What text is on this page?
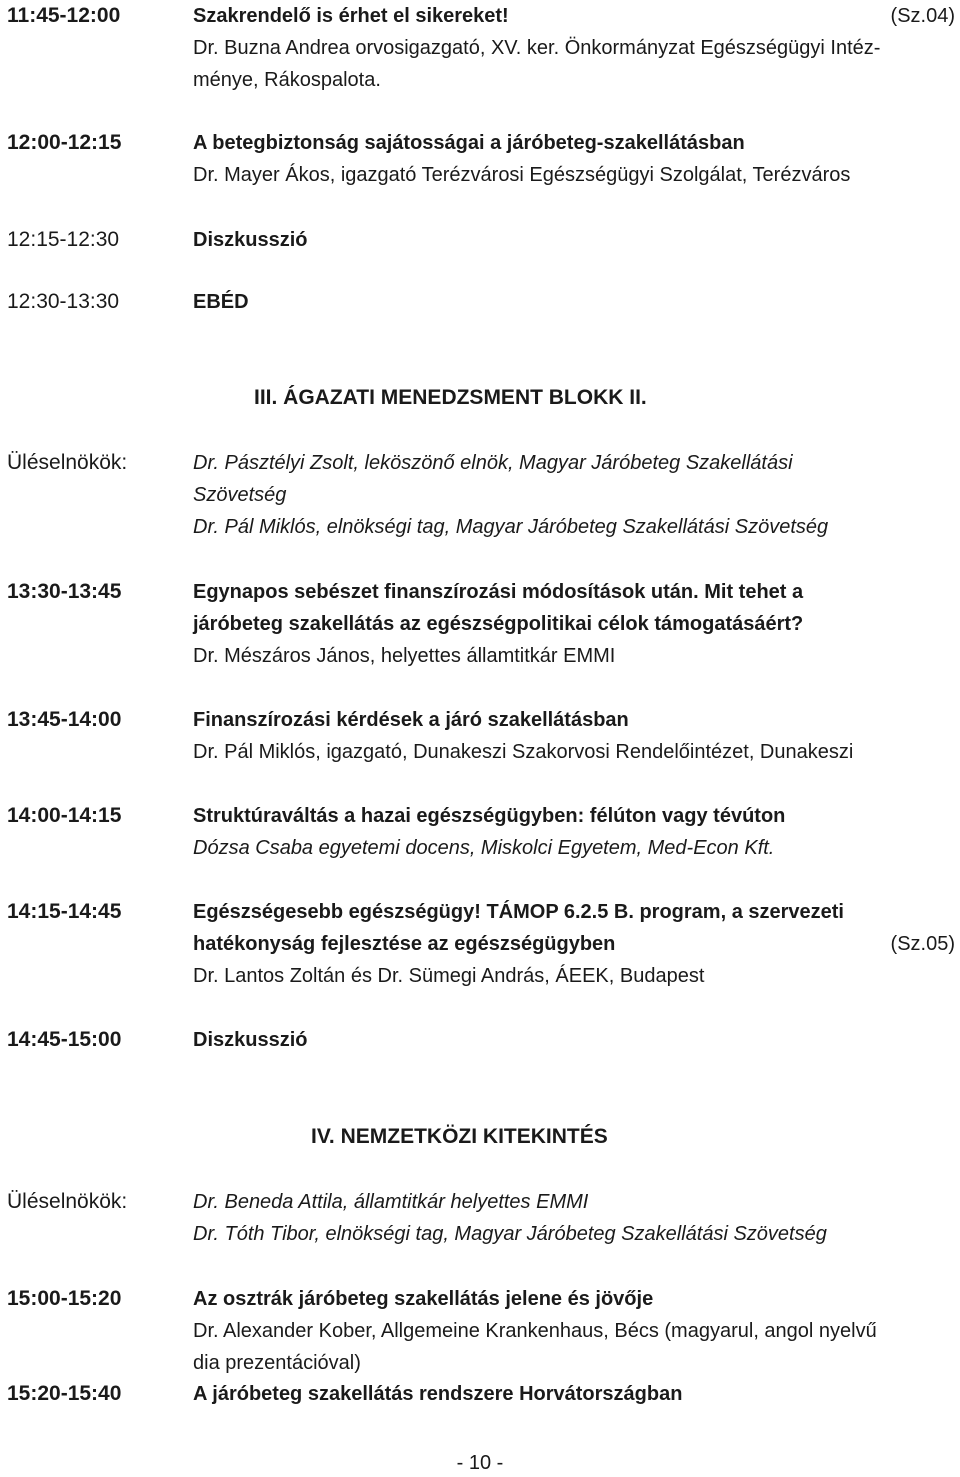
11:45-12:00	Szakrendelő is érhet el sikereket!
Dr. Buzna Andrea orvosigazgató, XV. ker. Önkormányzat Egészségügyi Intéz-
ménye, Rákospalota.
(Sz.04)
12:00-12:15	A betegbiztonság sajátosságai a járóbeteg-szakellátásban
Dr. Mayer Ákos, igazgató Terézvárosi Egészségügyi Szolgálat, Terézváros
12:15-12:30	Diszkusszió
12:30-13:30	EBÉD
III. ÁGAZATI MENEDZSMENT BLOKK II.
Üléselnökök:	Dr. Pásztélyi Zsolt, leköszönő elnök, Magyar Járóbeteg Szakellátási
Szövetség
Dr. Pál Miklós, elnökségi tag, Magyar Járóbeteg Szakellátási Szövetség
13:30-13:45	Egynapos sebészet finanszírozási módosítások után. Mit tehet a
járóbeteg szakellátás az egészségpolitikai célok támogatásáért?
Dr. Mészáros János, helyettes államtitkár EMMI
13:45-14:00	Finanszírozási kérdések a járó szakellátásban
Dr. Pál Miklós, igazgató, Dunakeszi Szakorvosi Rendelőintézet, Dunakeszi
14:00-14:15	Struktúraváltás a hazai egészségügyben: félúton vagy tévúton
Dózsa Csaba egyetemi docens, Miskolci Egyetem, Med-Econ Kft.
14:15-14:45	Egészségesebb egészségügy! TÁMOP 6.2.5 B. program, a szervezeti
hatékonyság fejlesztése az egészségügyben
Dr. Lantos Zoltán és Dr. Sümegi András, ÁEEK, Budapest
(Sz.05)
14:45-15:00	Diszkusszió
IV. NEMZETKÖZI KITEKINTÉS
Üléselnökök:	Dr. Beneda Attila, államtitkár helyettes EMMI
Dr. Tóth Tibor, elnökségi tag, Magyar Járóbeteg Szakellátási Szövetség
15:00-15:20	Az osztrák járóbeteg szakellátás jelene és jövője
Dr. Alexander Kober, Allgemeine Krankenhaus, Bécs (magyarul, angol nyelvű
dia prezentációval)
15:20-15:40	A járóbeteg szakellátás rendszere Horvátországban
- 10 -
